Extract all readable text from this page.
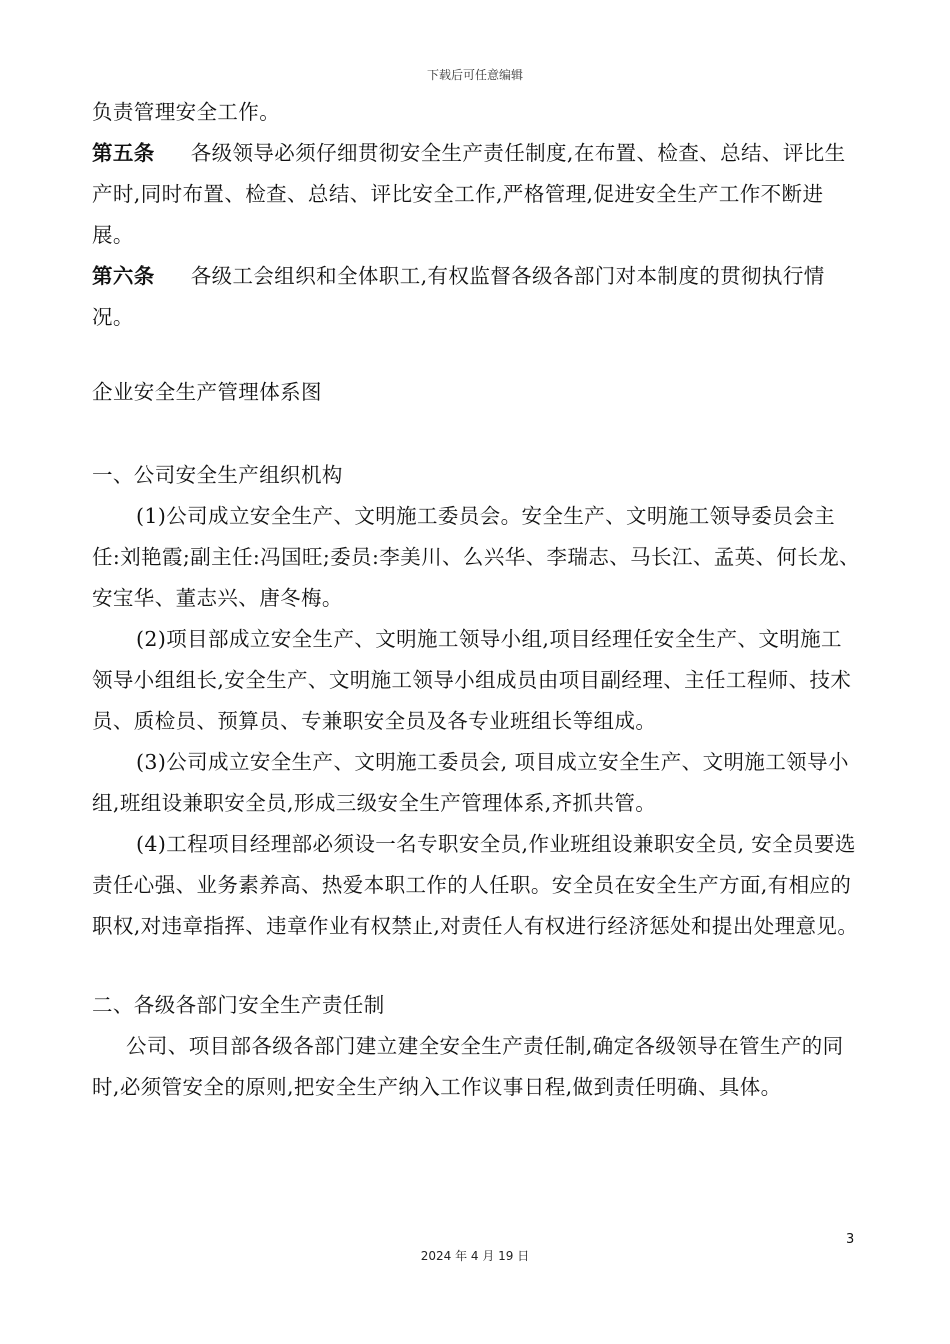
下载后可任意编辑

负责管理安全工作。

第五条 各级领导必须仔细贯彻安全生产责任制度,在布置、检查、总结、评比生产时,同时布置、检查、总结、评比安全工作,严格管理,促进安全生产工作不断进展。

第六条 各级工会组织和全体职工,有权监督各级各部门对本制度的贯彻执行情况。

企业安全生产管理体系图

一、公司安全生产组织机构

(1)公司成立安全生产、文明施工委员会。安全生产、文明施工领导委员会主任:刘艳霞;副主任:冯国旺;委员:李美川、么兴华、李瑞志、马长江、孟英、何长龙、安宝华、董志兴、唐冬梅。

(2)项目部成立安全生产、文明施工领导小组,项目经理任安全生产、文明施工领导小组组长,安全生产、文明施工领导小组成员由项目副经理、主任工程师、技术员、质检员、预算员、专兼职安全员及各专业班组长等组成。

(3)公司成立安全生产、文明施工委员会, 项目成立安全生产、文明施工领导小组,班组设兼职安全员,形成三级安全生产管理体系,齐抓共管。

(4)工程项目经理部必须设一名专职安全员,作业班组设兼职安全员, 安全员要选责任心强、业务素养高、热爱本职工作的人任职。安全员在安全生产方面,有相应的职权,对违章指挥、违章作业有权禁止,对责任人有权进行经济惩处和提出处理意见。

二、各级各部门安全生产责任制

公司、项目部各级各部门建立建全安全生产责任制,确定各级领导在管生产的同时,必须管安全的原则,把安全生产纳入工作议事日程,做到责任明确、具体。

3
2024 年 4 月 19 日
